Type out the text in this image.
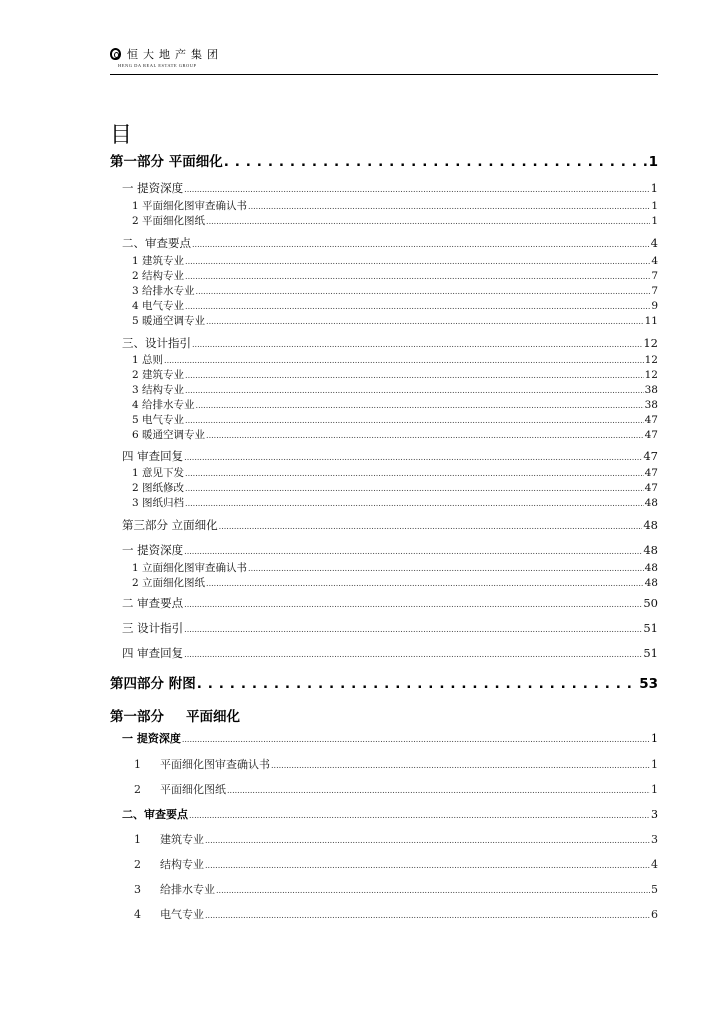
恒大地产集团
HENG DA REAL ESTATE GROUP
目
第一部分 平面细化 . . .	1
一 提资深度 .....	1
1 平面细化图审查确认书 .....	1
2 平面细化图纸 .....	1
二、审查要点 .....	4
1 建筑专业 .....	4
2 结构专业 .....	7
3 给排水专业 .....	7
4 电气专业 .....	9
5 暖通空调专业 .....	11
三、设计指引 .....	12
1 总则 .....	12
2 建筑专业 .....	12
3 结构专业 .....	38
4 给排水专业 .....	38
5 电气专业 .....	47
6 暖通空调专业 .....	47
四 审查回复 .....	47
1 意见下发 .....	47
2 图纸修改 .....	47
3 图纸归档 .....	48
第三部分 立面细化 .....	48
一 提资深度 .....	48
1 立面细化图审查确认书 .....	48
2 立面细化图纸 .....	48
二 审查要点 .....	50
三 设计指引 .....	51
四 审查回复 .....	51
第四部分 附图 . . .	53
第一部分 平面细化
一 提资深度 .....	1
1 平面细化图审查确认书 .....	1
2 平面细化图纸 .....	1
二、审查要点 .....	3
1 建筑专业 .....	3
2 结构专业 .....	4
3 给排水专业 .....	5
4 电气专业 .....	6
